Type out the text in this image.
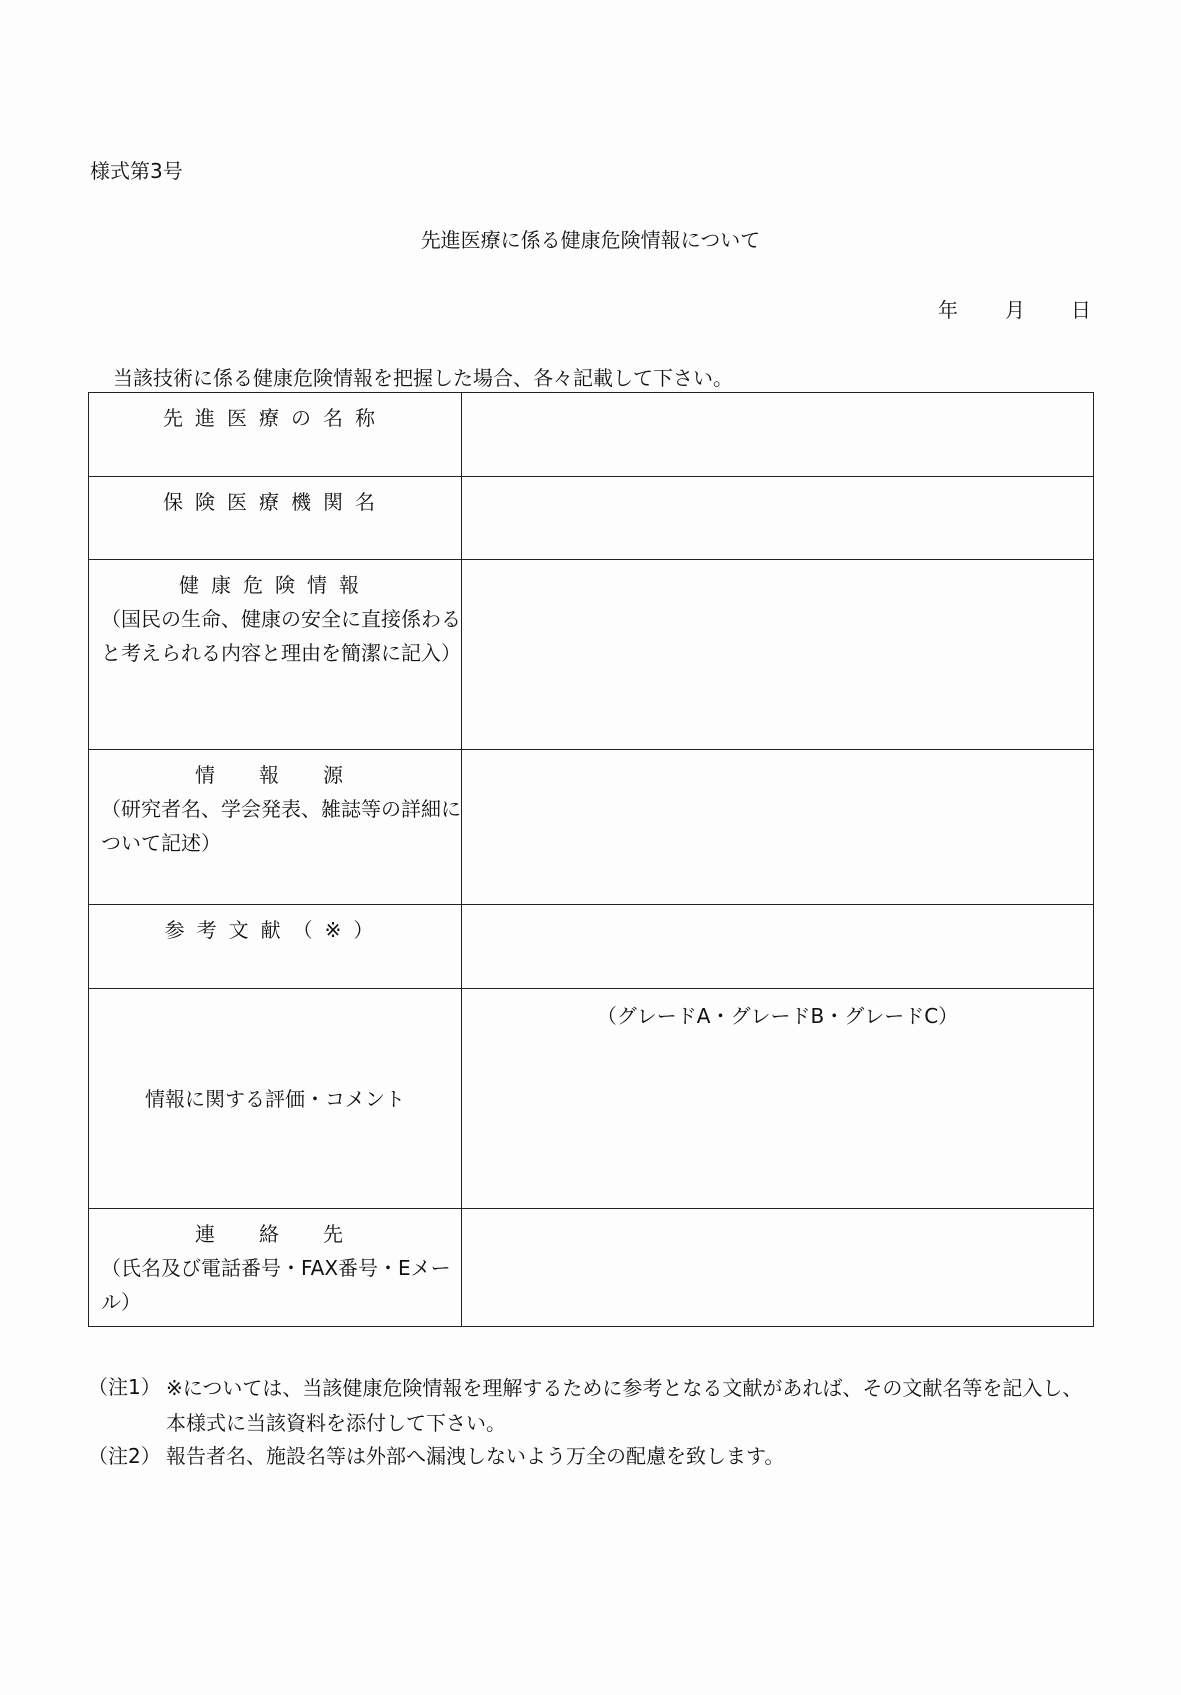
様式第3号
先進医療に係る健康危険情報について
年 月 日
当該技術に係る健康危険情報を把握した場合、各々記載して下さい。
先進医療の名称	

保険医療機関名	

健康危険情報
（国民の生命、健康の安全に直接係わると考えられる内容と理由を簡潔に記入）	

情　報　源
（研究者名、学会発表、雑誌等の詳細について記述）	

参考文献（※）	

情報に関する評価・コメント	（グレードA・グレードB・グレードC）

連　絡　先
（氏名及び電話番号・FAX番号・Eメール）	

（注1） ※については、当該健康危険情報を理解するために参考となる文献があれば、その文献名等を記入し、本様式に当該資料を添付して下さい。
（注2） 報告者名、施設名等は外部へ漏洩しないよう万全の配慮を致します。
